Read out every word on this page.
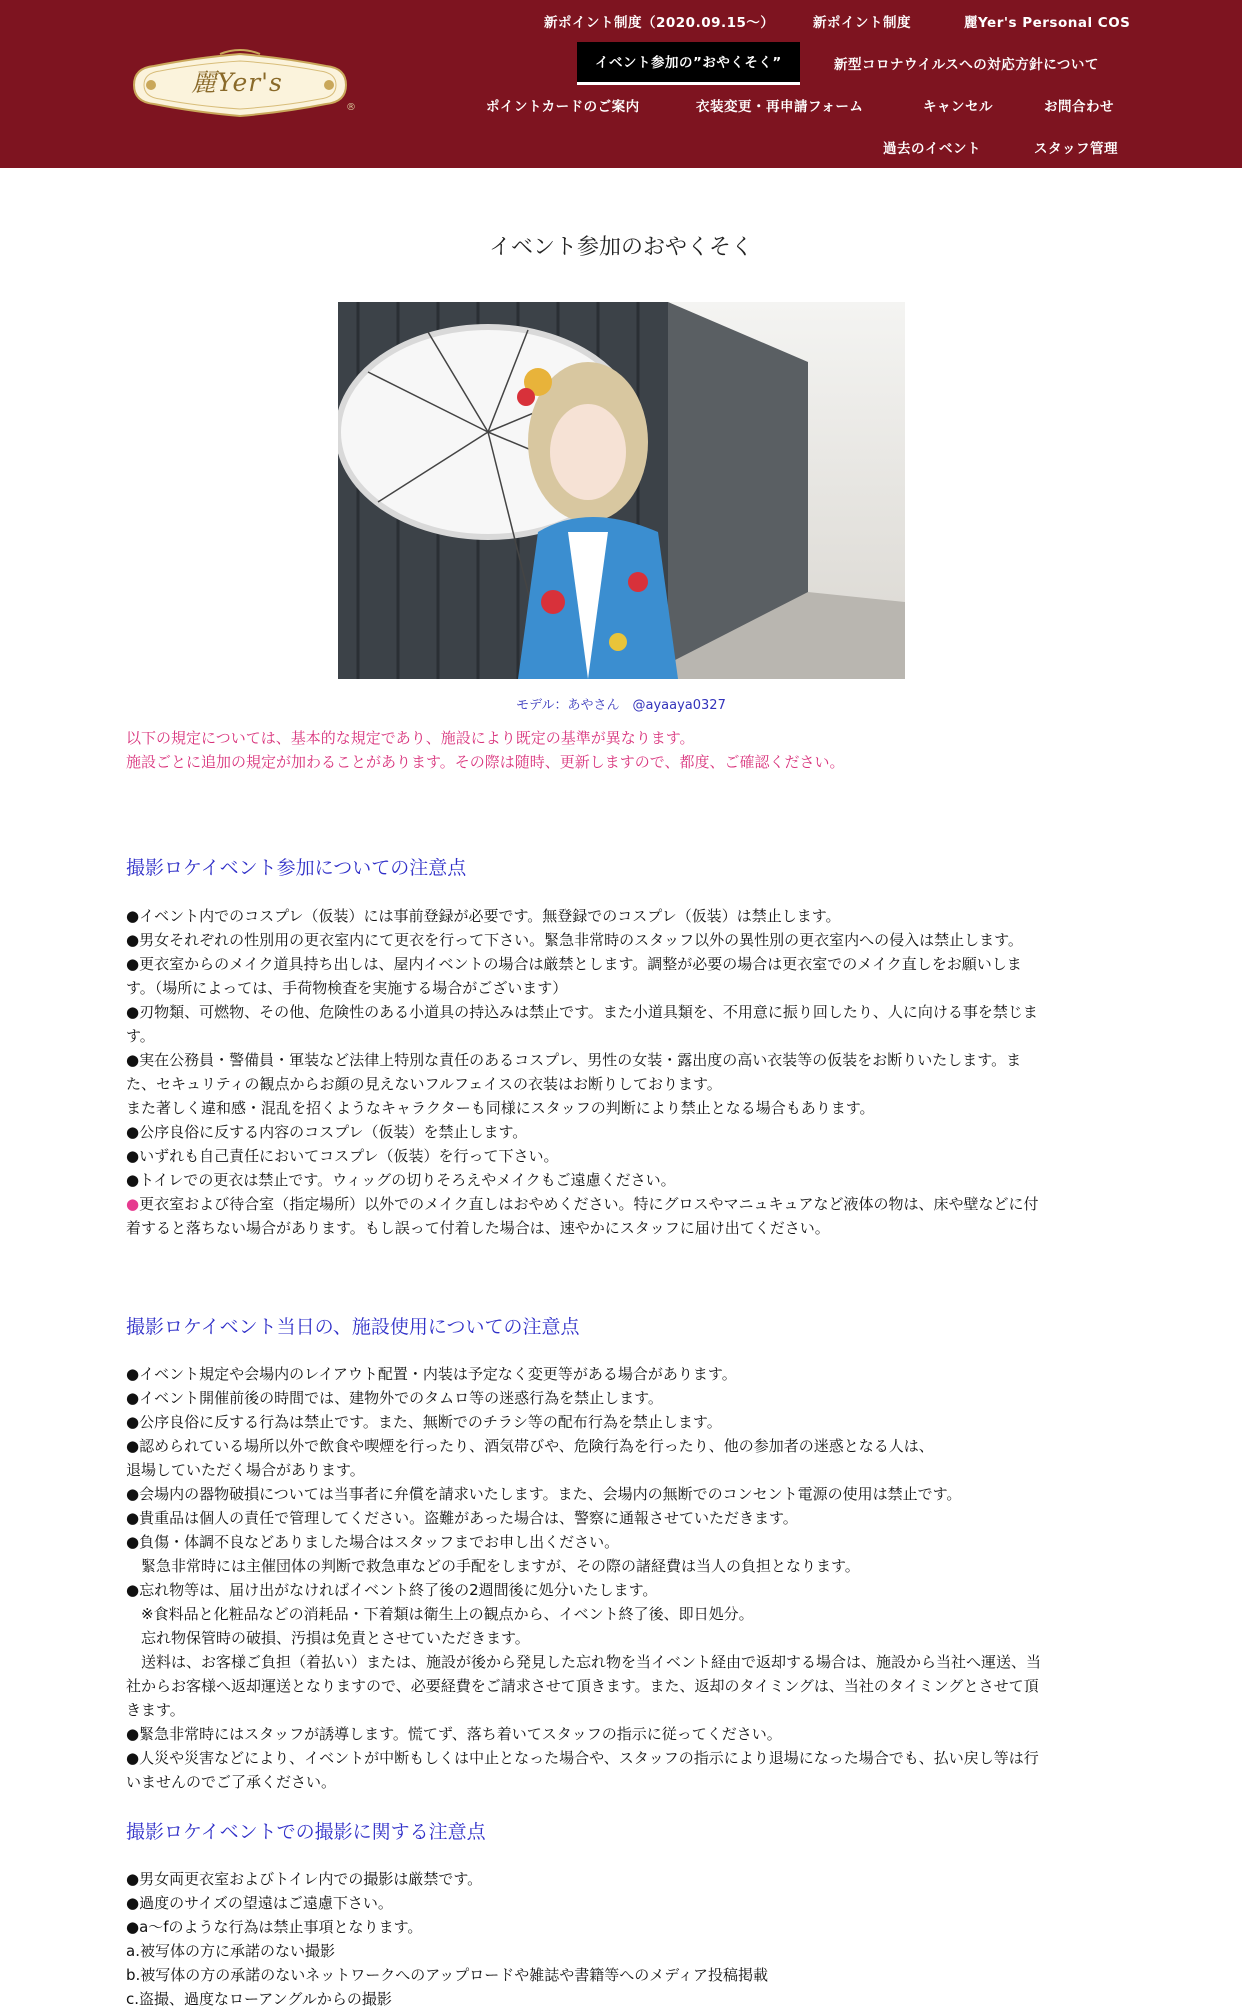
麗Yer's
®
新ポイント制度（2020.09.15〜）	新ポイント制度	麗Yer's Personal COS
イベント参加の”おやくそく”	新型コロナウイルスへの対応方針について
ポイントカードのご案内	衣装変更・再申請フォーム	キャンセル	お問合わせ
過去のイベント	スタッフ管理
イベント参加のおやくそく
モデル：あやさん　@ayaaya0327
以下の規定については、基本的な規定であり、施設により既定の基準が異なります。
施設ごとに追加の規定が加わることがあります。その際は随時、更新しますので、都度、ご確認ください。
撮影ロケイベント参加についての注意点
●イベント内でのコスプレ（仮装）には事前登録が必要です。無登録でのコスプレ（仮装）は禁止します。
●男女それぞれの性別用の更衣室内にて更衣を行って下さい。緊急非常時のスタッフ以外の異性別の更衣室内への侵入は禁止します。
●更衣室からのメイク道具持ち出しは、屋内イベントの場合は厳禁とします。調整が必要の場合は更衣室でのメイク直しをお願いしま
す。（場所によっては、手荷物検査を実施する場合がございます）
●刃物類、可燃物、その他、危険性のある小道具の持込みは禁止です。また小道具類を、不用意に振り回したり、人に向ける事を禁じま
す。
●実在公務員・警備員・軍装など法律上特別な責任のあるコスプレ、男性の女装・露出度の高い衣装等の仮装をお断りいたします。ま
た、セキュリティの観点からお顔の見えないフルフェイスの衣装はお断りしております。
また著しく違和感・混乱を招くようなキャラクターも同様にスタッフの判断により禁止となる場合もあります。
●公序良俗に反する内容のコスプレ（仮装）を禁止します。
●いずれも自己責任においてコスプレ（仮装）を行って下さい。
●トイレでの更衣は禁止です。ウィッグの切りそろえやメイクもご遠慮ください。
●更衣室および待合室（指定場所）以外でのメイク直しはおやめください。特にグロスやマニュキュアなど液体の物は、床や壁などに付
着すると落ちない場合があります。もし誤って付着した場合は、速やかにスタッフに届け出てください。
撮影ロケイベント当日の、施設使用についての注意点
●イベント規定や会場内のレイアウト配置・内装は予定なく変更等がある場合があります。
●イベント開催前後の時間では、建物外でのタムロ等の迷惑行為を禁止します。
●公序良俗に反する行為は禁止です。また、無断でのチラシ等の配布行為を禁止します。
●認められている場所以外で飲食や喫煙を行ったり、酒気帯びや、危険行為を行ったり、他の参加者の迷惑となる人は、
退場していただく場合があります。
●会場内の器物破損については当事者に弁償を請求いたします。また、会場内の無断でのコンセント電源の使用は禁止です。
●貴重品は個人の責任で管理してください。盗難があった場合は、警察に通報させていただきます。
●負傷・体調不良などありました場合はスタッフまでお申し出ください。
　緊急非常時には主催団体の判断で救急車などの手配をしますが、その際の諸経費は当人の負担となります。
●忘れ物等は、届け出がなければイベント終了後の2週間後に処分いたします。
　※食料品と化粧品などの消耗品・下着類は衛生上の観点から、イベント終了後、即日処分。
　忘れ物保管時の破損、汚損は免責とさせていただきます。
　送料は、お客様ご負担（着払い）または、施設が後から発見した忘れ物を当イベント経由で返却する場合は、施設から当社へ運送、当
社からお客様へ返却運送となりますので、必要経費をご請求させて頂きます。また、返却のタイミングは、当社のタイミングとさせて頂
きます。
●緊急非常時にはスタッフが誘導します。慌てず、落ち着いてスタッフの指示に従ってください。
●人災や災害などにより、イベントが中断もしくは中止となった場合や、スタッフの指示により退場になった場合でも、払い戻し等は行
いませんのでご了承ください。
撮影ロケイベントでの撮影に関する注意点
●男女両更衣室およびトイレ内での撮影は厳禁です。
●過度のサイズの望遠はご遠慮下さい。
●a〜fのような行為は禁止事項となります。
a.被写体の方に承諾のない撮影
b.被写体の方の承諾のないネットワークへのアップロードや雑誌や書籍等へのメディア投稿掲載
c.盗撮、過度なローアングルからの撮影
